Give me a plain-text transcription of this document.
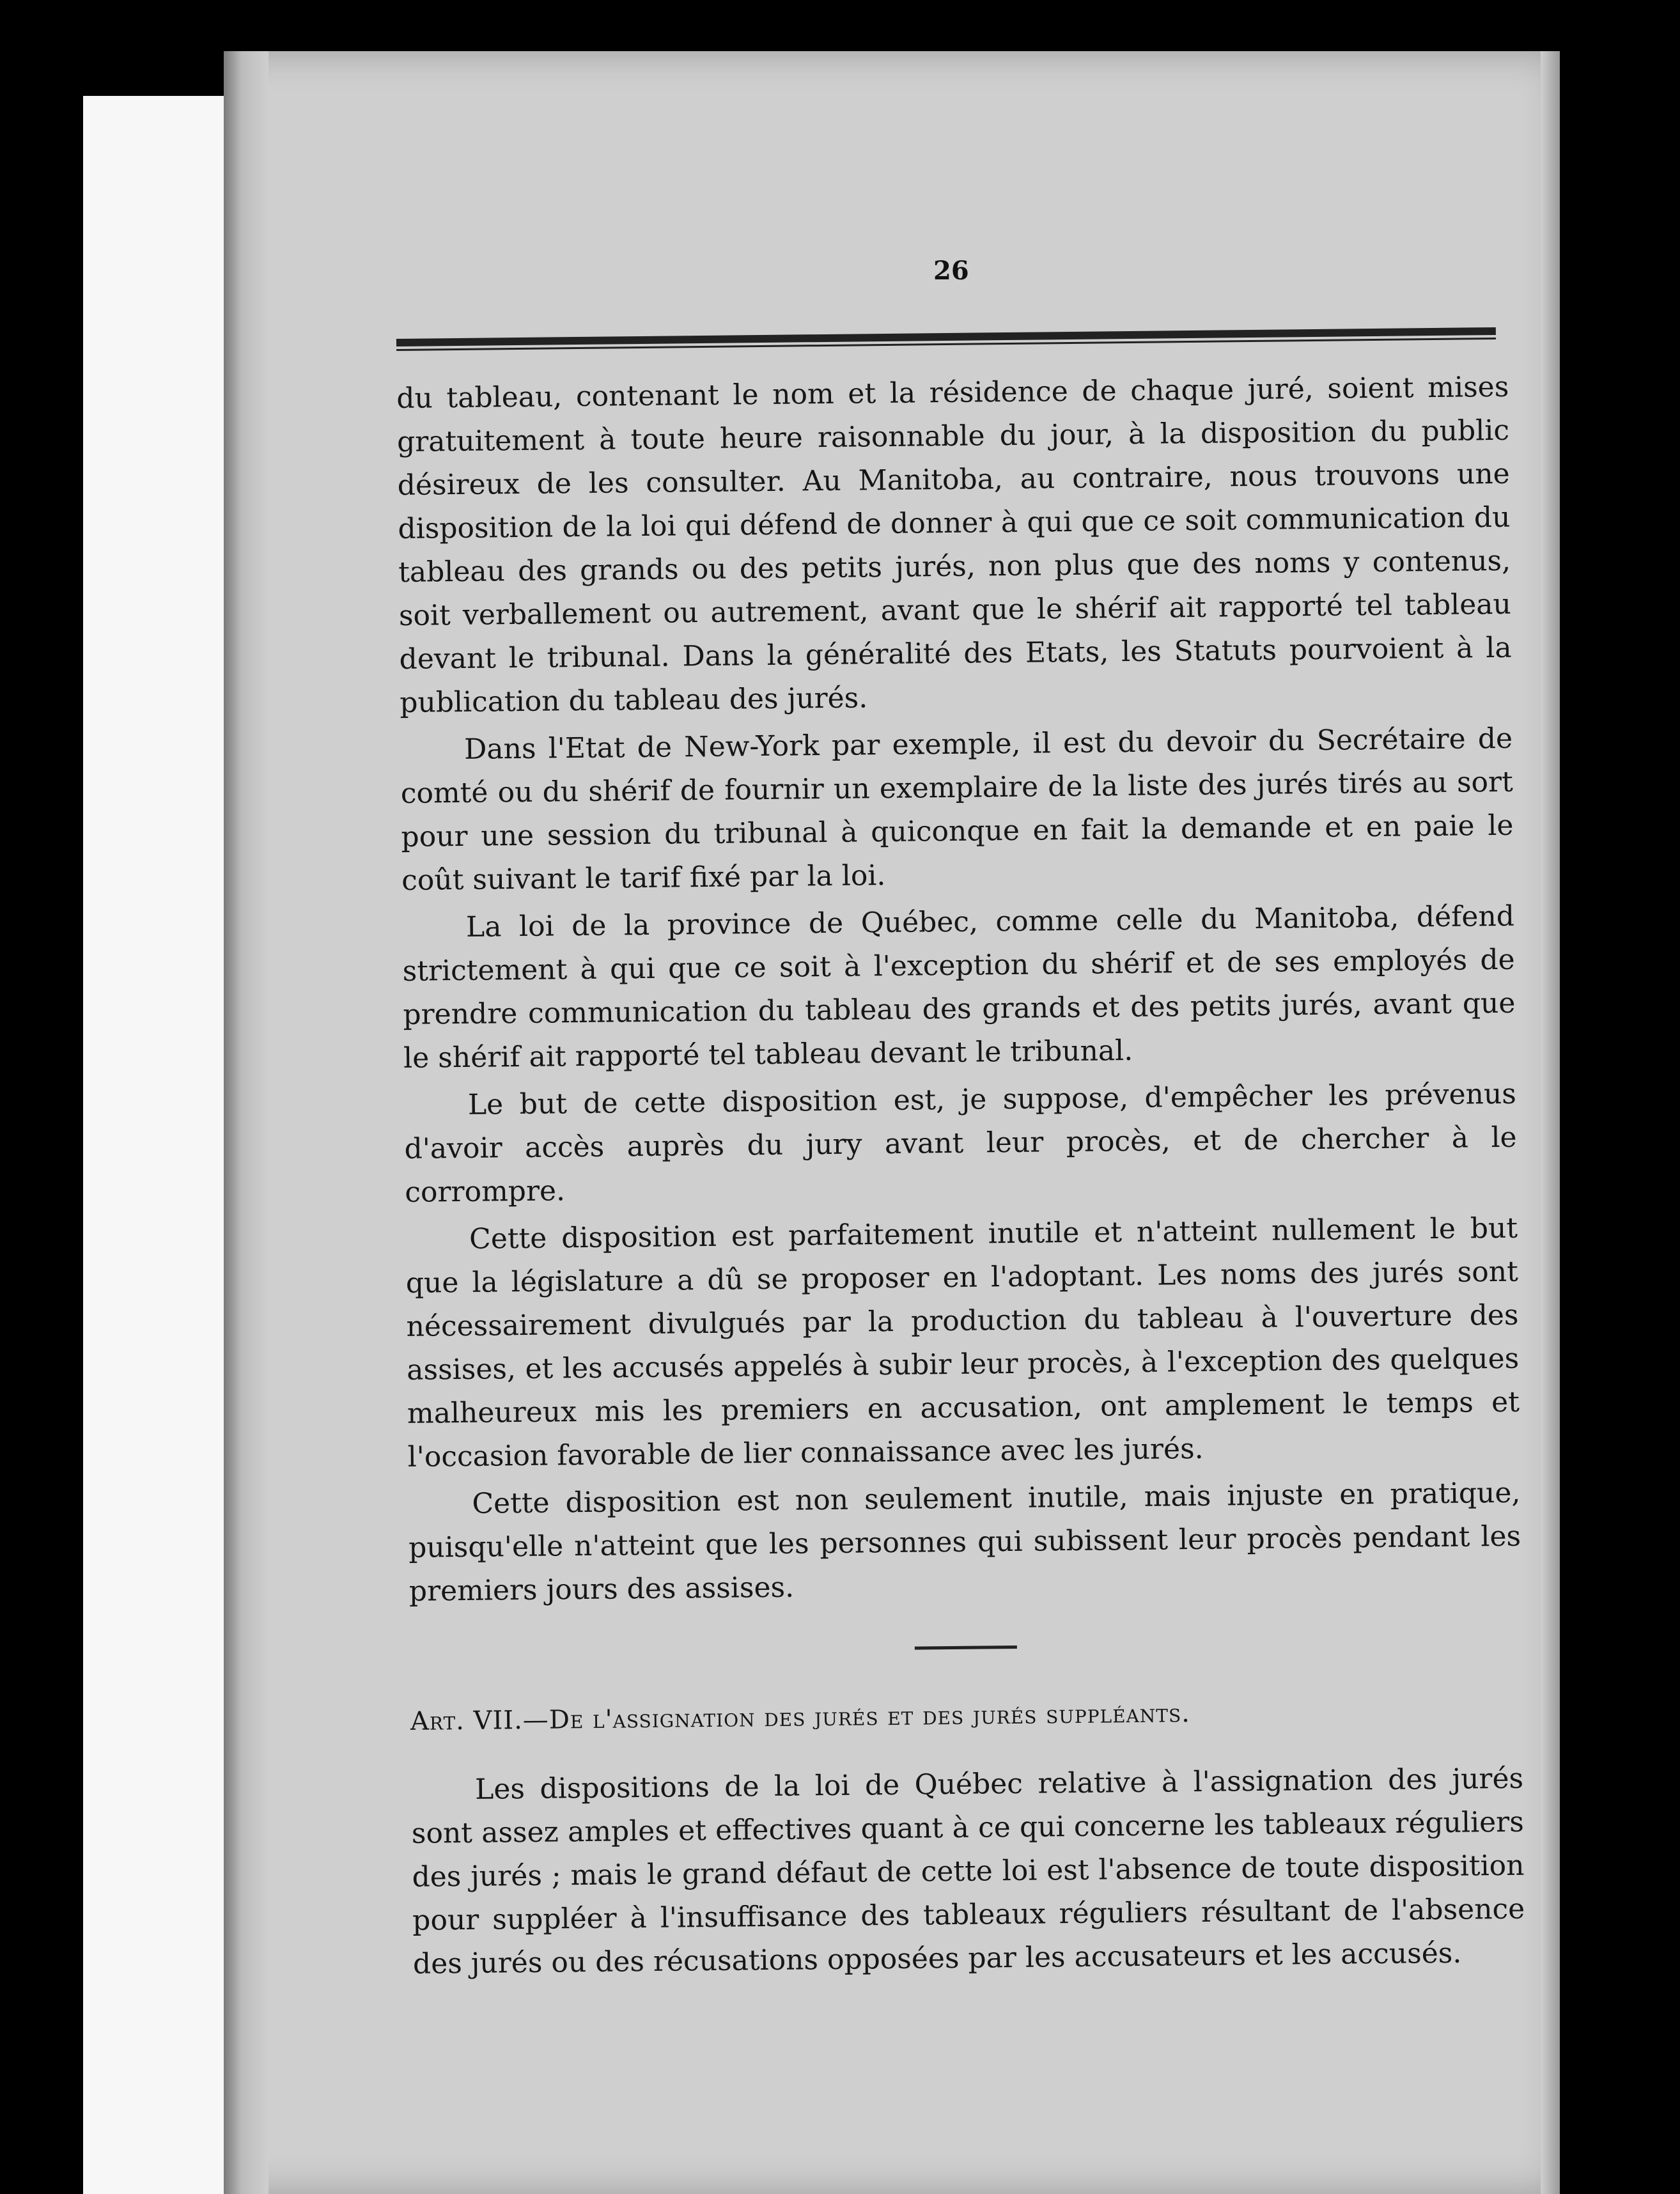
26

du tableau, contenant le nom et la résidence de chaque juré, soient mises gratuitement à toute heure raisonnable du jour, à la disposition du public désireux de les consulter. Au Manitoba, au contraire, nous trouvons une disposition de la loi qui défend de donner à qui que ce soit communication du tableau des grands ou des petits jurés, non plus que des noms y contenus, soit verballement ou autrement, avant que le shérif ait rapporté tel tableau devant le tribunal. Dans la généralité des Etats, les Statuts pourvoient à la publication du tableau des jurés.

Dans l'Etat de New-York par exemple, il est du devoir du Secrétaire de comté ou du shérif de fournir un exemplaire de la liste des jurés tirés au sort pour une session du tribunal à quiconque en fait la demande et en paie le coût suivant le tarif fixé par la loi.

La loi de la province de Québec, comme celle du Manitoba, défend strictement à qui que ce soit à l'exception du shérif et de ses employés de prendre communication du tableau des grands et des petits jurés, avant que le shérif ait rapporté tel tableau devant le tribunal.

Le but de cette disposition est, je suppose, d'empêcher les prévenus d'avoir accès auprès du jury avant leur procès, et de chercher à le corrompre.

Cette disposition est parfaitement inutile et n'atteint nullement le but que la législature a dû se proposer en l'adoptant. Les noms des jurés sont nécessairement divulgués par la production du tableau à l'ouverture des assises, et les accusés appelés à subir leur procès, à l'exception des quelques malheureux mis les premiers en accusation, ont amplement le temps et l'occasion favorable de lier connaissance avec les jurés.

Cette disposition est non seulement inutile, mais injuste en pratique, puisqu'elle n'atteint que les personnes qui subissent leur procès pendant les premiers jours des assises.

Art. VII.—De l'assignation des jurés et des jurés suppléants.

Les dispositions de la loi de Québec relative à l'assignation des jurés sont assez amples et effectives quant à ce qui concerne les tableaux réguliers des jurés ; mais le grand défaut de cette loi est l'absence de toute disposition pour suppléer à l'insuffisance des tableaux réguliers résultant de l'absence des jurés ou des récusations opposées par les accusateurs et les accusés.
